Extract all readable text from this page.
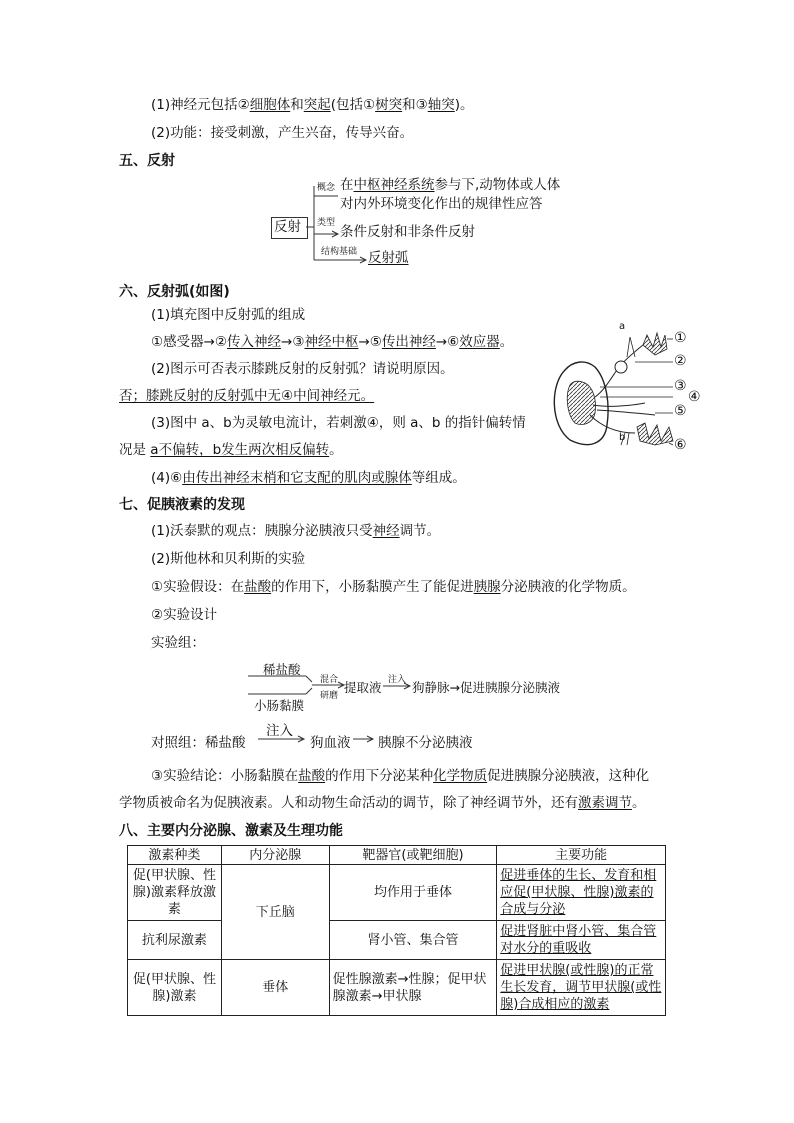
(1)神经元包括②细胞体和突起(包括①树突和③轴突)。
(2)功能：接受刺激，产生兴奋，传导兴奋。
五、反射
反射
概念 在中枢神经系统参与下,动物体或人体
对内外环境变化作出的规律性应答
类型
条件反射和非条件反射
结构基础 反射弧
六、反射弧(如图)
(1)填充图中反射弧的组成
①感受器→②传入神经→③神经中枢→⑤传出神经→⑥效应器。
(2)图示可否表示膝跳反射的反射弧？请说明原因。
否；膝跳反射的反射弧中无④中间神经元。
(3)图中 a、b为灵敏电流计，若刺激④，则 a、b 的指针偏转情
况是 a不偏转，b发生两次相反偏转。
(4)⑥由传出神经末梢和它支配的肌肉或腺体等组成。
a
b
①
②
③
④
⑤
⑥
七、促胰液素的发现
(1)沃泰默的观点：胰腺分泌胰液只受神经调节。
(2)斯他林和贝利斯的实验
①实验假设：在盐酸的作用下，小肠黏膜产生了能促进胰腺分泌胰液的化学物质。
②实验设计
实验组：
稀盐酸
小肠黏膜
混合
研磨
提取液 注入 狗静脉→促进胰腺分泌胰液
对照组：稀盐酸
注入
狗血液 胰腺不分泌胰液
③实验结论：小肠黏膜在盐酸的作用下分泌某种化学物质促进胰腺分泌胰液，这种化
学物质被命名为促胰液素。人和动物生命活动的调节，除了神经调节外，还有激素调节。
八、主要内分泌腺、激素及生理功能
激素种类	内分泌腺	靶器官(或靶细胞)	主要功能
促(甲状腺、性腺)激素释放激素	下丘脑	均作用于垂体	促进垂体的生长、发育和相应促(甲状腺、性腺)激素的合成与分泌
抗利尿激素		肾小管、集合管	促进肾脏中肾小管、集合管对水分的重吸收
促(甲状腺、性腺)激素	垂体	促性腺激素→性腺；促甲状腺激素→甲状腺	促进甲状腺(或性腺)的正常生长发育，调节甲状腺(或性腺)合成相应的激素
